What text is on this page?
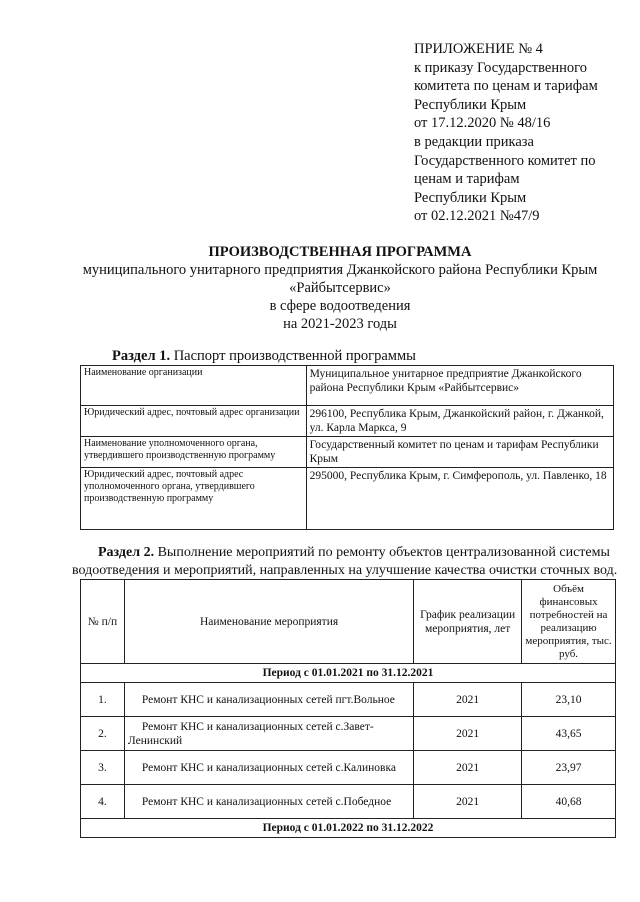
ПРИЛОЖЕНИЕ № 4
к приказу Государственного
комитета по ценам и тарифам
Республики Крым
от 17.12.2020 № 48/16
в редакции приказа
Государственного комитет по
ценам и тарифам
Республики Крым
от 02.12.2021 №47/9
ПРОИЗВОДСТВЕННАЯ ПРОГРАММА
муниципального унитарного предприятия Джанкойского района Республики Крым
«Райбытсервис»
в сфере водоотведения
на 2021-2023 годы
Раздел 1. Паспорт производственной программы
Наименование организации	Муниципальное унитарное предприятие Джанкойского района Республики Крым «Райбытсервис»
Юридический адрес, почтовый адрес организации	296100, Республика Крым, Джанкойский район, г. Джанкой, ул. Карла Маркса, 9
Наименование уполномоченного органа, утвердившего производственную программу	Государственный комитет по ценам и тарифам Республики Крым
Юридический адрес, почтовый адрес уполномоченного органа, утвердившего производственную программу	295000, Республика Крым, г. Симферополь, ул. Павленко, 18
Раздел 2. Выполнение мероприятий по ремонту объектов централизованной системы
водоотведения и мероприятий, направленных на улучшение качества очистки сточных вод.
№ п/п	Наименование мероприятия	График реализации мероприятия, лет	Объём финансовых потребностей на реализацию мероприятия, тыс. руб.
Период с 01.01.2021 по 31.12.2021			
1.	Ремонт КНС и канализационных сетей пгт.Вольное	2021	23,10
2.	Ремонт КНС и канализационных сетей с.Завет-Ленинский	2021	43,65
3.	Ремонт КНС и канализационных сетей с.Калиновка	2021	23,97
4.	Ремонт КНС и канализационных сетей с.Победное	2021	40,68
Период с 01.01.2022 по 31.12.2022			
